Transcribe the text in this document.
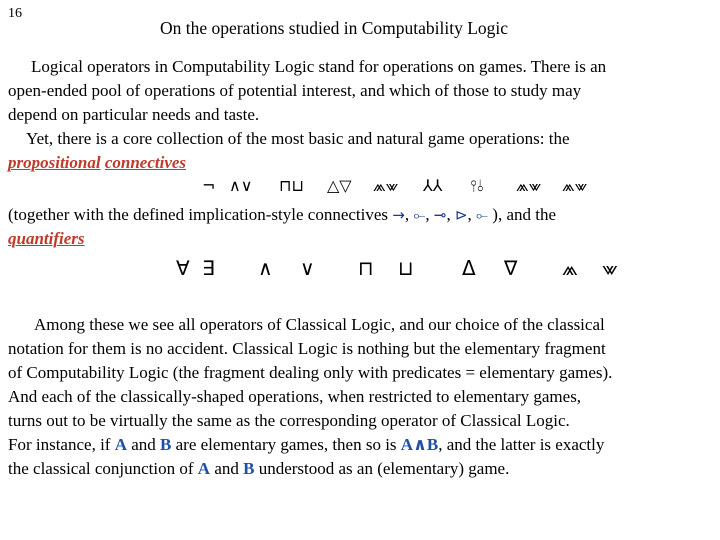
16
On the operations studied in Computability Logic
Logical operators in Computability Logic stand for operations on games. There is an
open-ended pool of operations of potential interest, and which of those to study may
depend on particular needs and taste.
Yet, there is a core collection of the most basic and natural game operations: the
propositional connectives
¬ ∧∨ ⊓⊔ △▽ ⩕⩖ ⅄⅄ ⫯⫰ ⩕⩖ ⩕⩖
(together with the defined implication-style connectives →, ⟜, ⊸, ⊳, ⟜ ), and the
quantifiers
∀ ∃ ∧ ∨ ⊓ ⊔ Δ ∇ ⩕ ⩖
Among these we see all operators of Classical Logic, and our choice of the classical
notation for them is no accident. Classical Logic is nothing but the elementary fragment
of Computability Logic (the fragment dealing only with predicates = elementary games).
And each of the classically-shaped operations, when restricted to elementary games,
turns out to be virtually the same as the corresponding operator of Classical Logic.
For instance, if A and B are elementary games, then so is A∧B, and the latter is exactly
the classical conjunction of A and B understood as an (elementary) game.
